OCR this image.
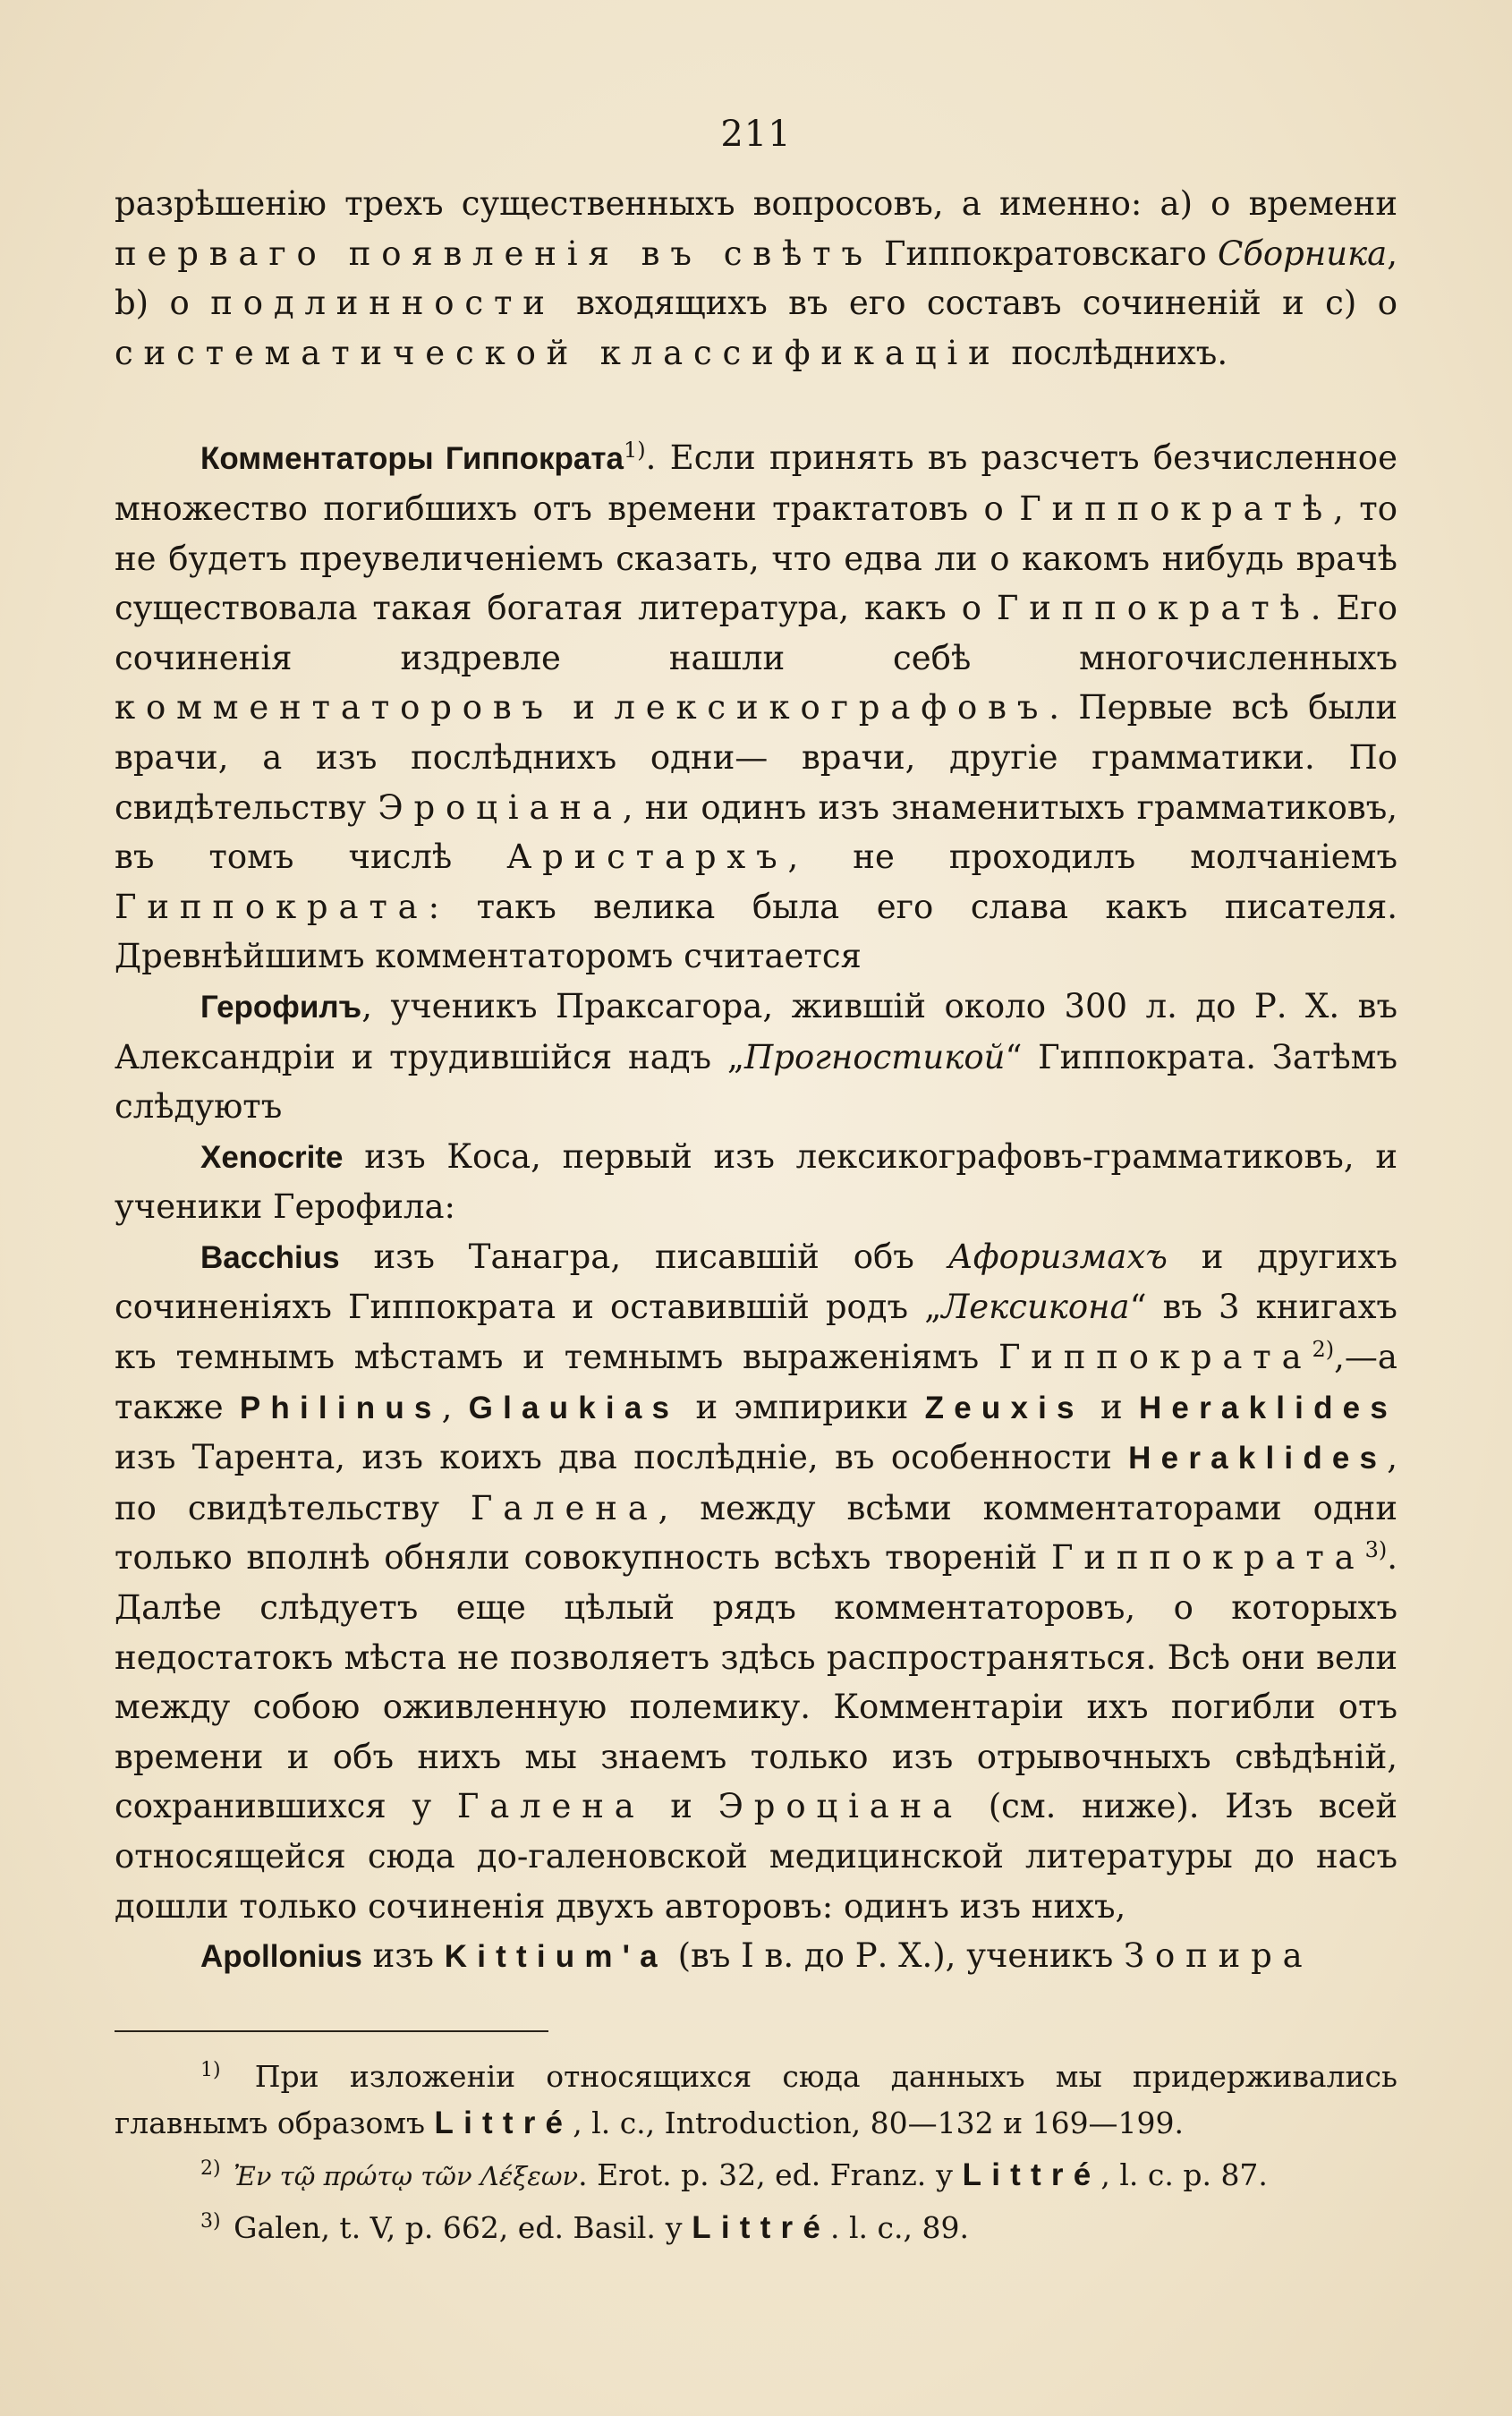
211

разрѣшенію трехъ существенныхъ вопросовъ, а именно: a) о времени перваго появленія въ свѣтъ Гиппократовскаго Сборника, b) о подлинности входящихъ въ его составъ сочиненій и c) о систематической классификаціи послѣднихъ.

Комментаторы Гиппократа$^{1)}$. Если принять въ разсчетъ безчисленное множество погибшихъ отъ времени трактатовъ о Гиппократѣ, то не будетъ преувеличеніемъ сказать, что едва ли о какомъ нибудь врачѣ существовала такая богатая литература, какъ о Гиппократѣ. Его сочиненія издревле нашли себѣ многочисленныхъ комментаторовъ и лексикографовъ. Первые всѣ были врачи, а изъ послѣднихъ одни— врачи, другіе грамматики. По свидѣтельству Эроціана, ни одинъ изъ знаменитыхъ грамматиковъ, въ томъ числѣ Аристархъ, не проходилъ молчаніемъ Гиппократа: такъ велика была его слава какъ писателя. Древнѣйшимъ комментаторомъ считается

Герофилъ, ученикъ Праксагора, жившій около 300 л. до Р. Х. въ Александріи и трудившійся надъ „Прогностикой“ Гиппократа. Затѣмъ слѣдуютъ

Xenocrite изъ Коса, первый изъ лексикографовъ-грамматиковъ, и ученики Герофила:

Bacchius изъ Танагра, писавшій объ Афоризмахъ и другихъ сочиненіяхъ Гиппократа и оставившій родъ „Лексикона“ въ 3 книгахъ къ темнымъ мѣстамъ и темнымъ выраженіямъ Гиппократа$^{2)}$,—а также Philinus, Glaukias и эмпирики Zeuxis и Heraklides изъ Тарента, изъ коихъ два послѣдніе, въ особенности Heraklides, по свидѣтельству Галена, между всѣми комментаторами одни только вполнѣ обняли совокупность всѣхъ твореній Гиппократа$^{3)}$. Далѣе слѣдуетъ еще цѣлый рядъ комментаторовъ, о которыхъ недостатокъ мѣста не позволяетъ здѣсь распространяться. Всѣ они вели между собою оживленную полемику. Комментаріи ихъ погибли отъ времени и объ нихъ мы знаемъ только изъ отрывочныхъ свѣдѣній, сохранившихся у Галена и Эроціана (см. ниже). Изъ всей относящейся сюда до-галеновской медицинской литературы до насъ дошли только сочиненія двухъ авторовъ: одинъ изъ нихъ,

Apollonius изъ Kittium'a (въ I в. до Р. Х.), ученикъ Зопира

$^{1)}$ При изложеніи относящихся сюда данныхъ мы придерживались главнымъ образомъ Littré, l. c., Introduction, 80—132 и 169—199.

$^{2)}$ Ἐν τῷ πρώτῳ τῶν Λέξεων. Erot. p. 32, ed. Franz. у Littré, l. c. p. 87.

$^{3)}$ Galen, t. V, p. 662, ed. Basil. у Littré. l. c., 89.
